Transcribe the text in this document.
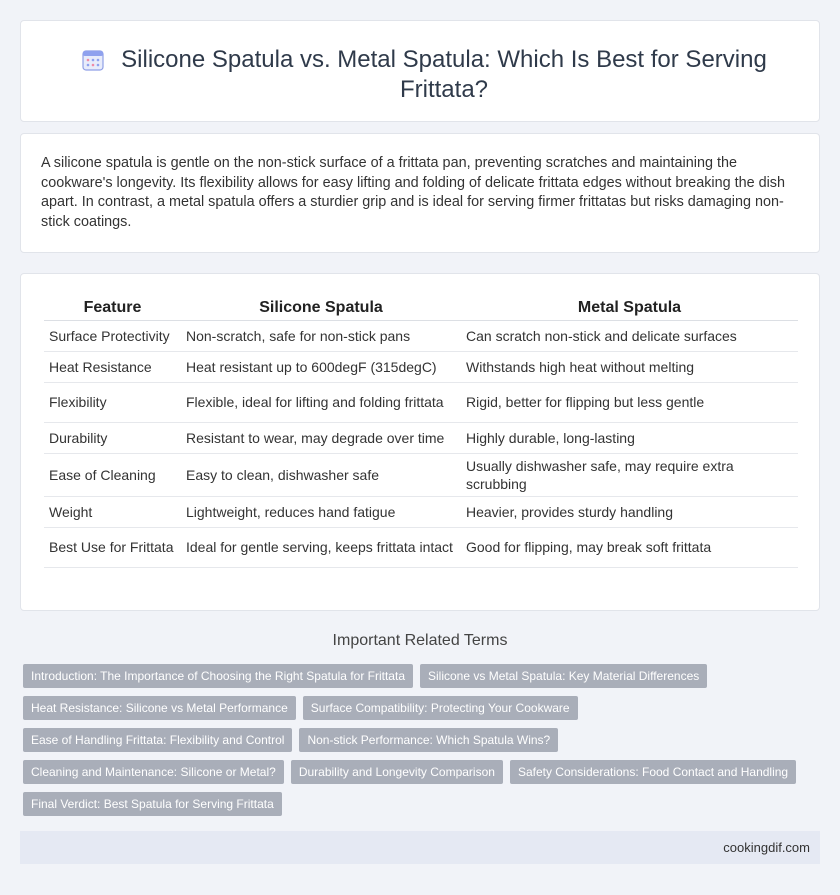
Silicone Spatula vs. Metal Spatula: Which Is Best for Serving Frittata?

A silicone spatula is gentle on the non-stick surface of a frittata pan, preventing scratches and maintaining the cookware's longevity. Its flexibility allows for easy lifting and folding of delicate frittata edges without breaking the dish apart. In contrast, a metal spatula offers a sturdier grip and is ideal for serving firmer frittatas but risks damaging non-stick coatings.

Feature	Silicone Spatula	Metal Spatula
Surface Protectivity	Non-scratch, safe for non-stick pans	Can scratch non-stick and delicate surfaces
Heat Resistance	Heat resistant up to 600degF (315degC)	Withstands high heat without melting
Flexibility	Flexible, ideal for lifting and folding frittata	Rigid, better for flipping but less gentle
Durability	Resistant to wear, may degrade over time	Highly durable, long-lasting
Ease of Cleaning	Easy to clean, dishwasher safe	Usually dishwasher safe, may require extra scrubbing
Weight	Lightweight, reduces hand fatigue	Heavier, provides sturdy handling
Best Use for Frittata	Ideal for gentle serving, keeps frittata intact	Good for flipping, may break soft frittata
Important Related Terms
Introduction: The Importance of Choosing the Right Spatula for Frittata	Silicone vs Metal Spatula: Key Material Differences
Heat Resistance: Silicone vs Metal Performance	Surface Compatibility: Protecting Your Cookware
Ease of Handling Frittata: Flexibility and Control	Non-stick Performance: Which Spatula Wins?
Cleaning and Maintenance: Silicone or Metal?	Durability and Longevity Comparison	Safety Considerations: Food Contact and Handling
Final Verdict: Best Spatula for Serving Frittata
cookingdif.com
